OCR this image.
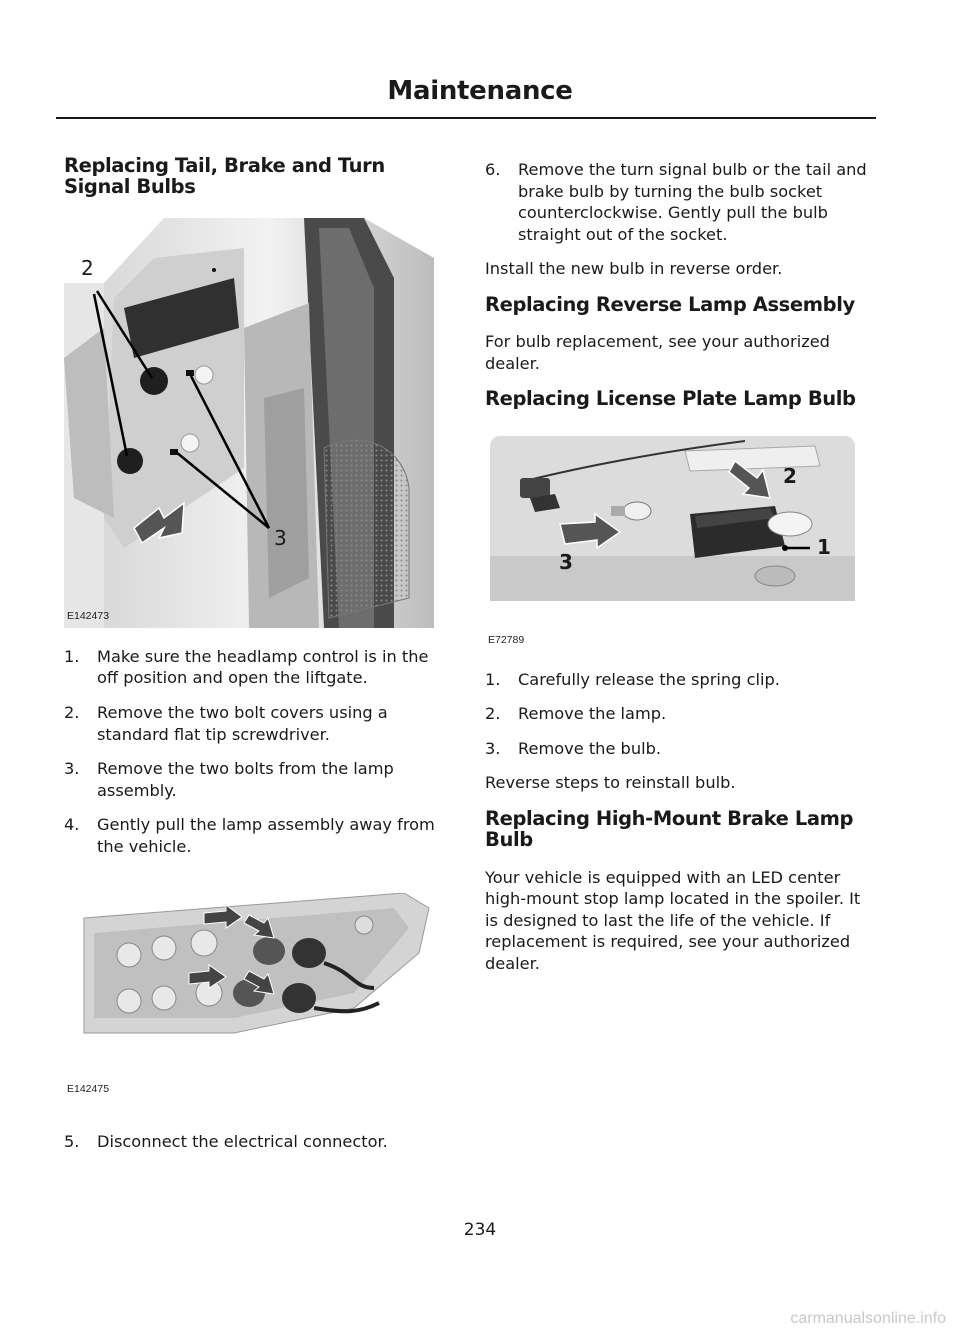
Maintenance
Replacing Tail, Brake and Turn Signal Bulbs
2
3
E142473
1. Make sure the headlamp control is in the off position and open the liftgate.
2. Remove the two bolt covers using a standard flat tip screwdriver.
3. Remove the two bolts from the lamp assembly.
4. Gently pull the lamp assembly away from the vehicle.
E142475
5. Disconnect the electrical connector.
6. Remove the turn signal bulb or the tail and brake bulb by turning the bulb socket counterclockwise. Gently pull the bulb straight out of the socket.

Install the new bulb in reverse order.

Replacing Reverse Lamp Assembly

For bulb replacement, see your authorized dealer.

Replacing License Plate Lamp Bulb
1
2
3
E72789
1. Carefully release the spring clip.
2. Remove the lamp.
3. Remove the bulb.

Reverse steps to reinstall bulb.

Replacing High-Mount Brake Lamp Bulb

Your vehicle is equipped with an LED center high-mount stop lamp located in the spoiler. It is designed to last the life of the vehicle. If replacement is required, see your authorized dealer.

234
carmanualsonline.info
